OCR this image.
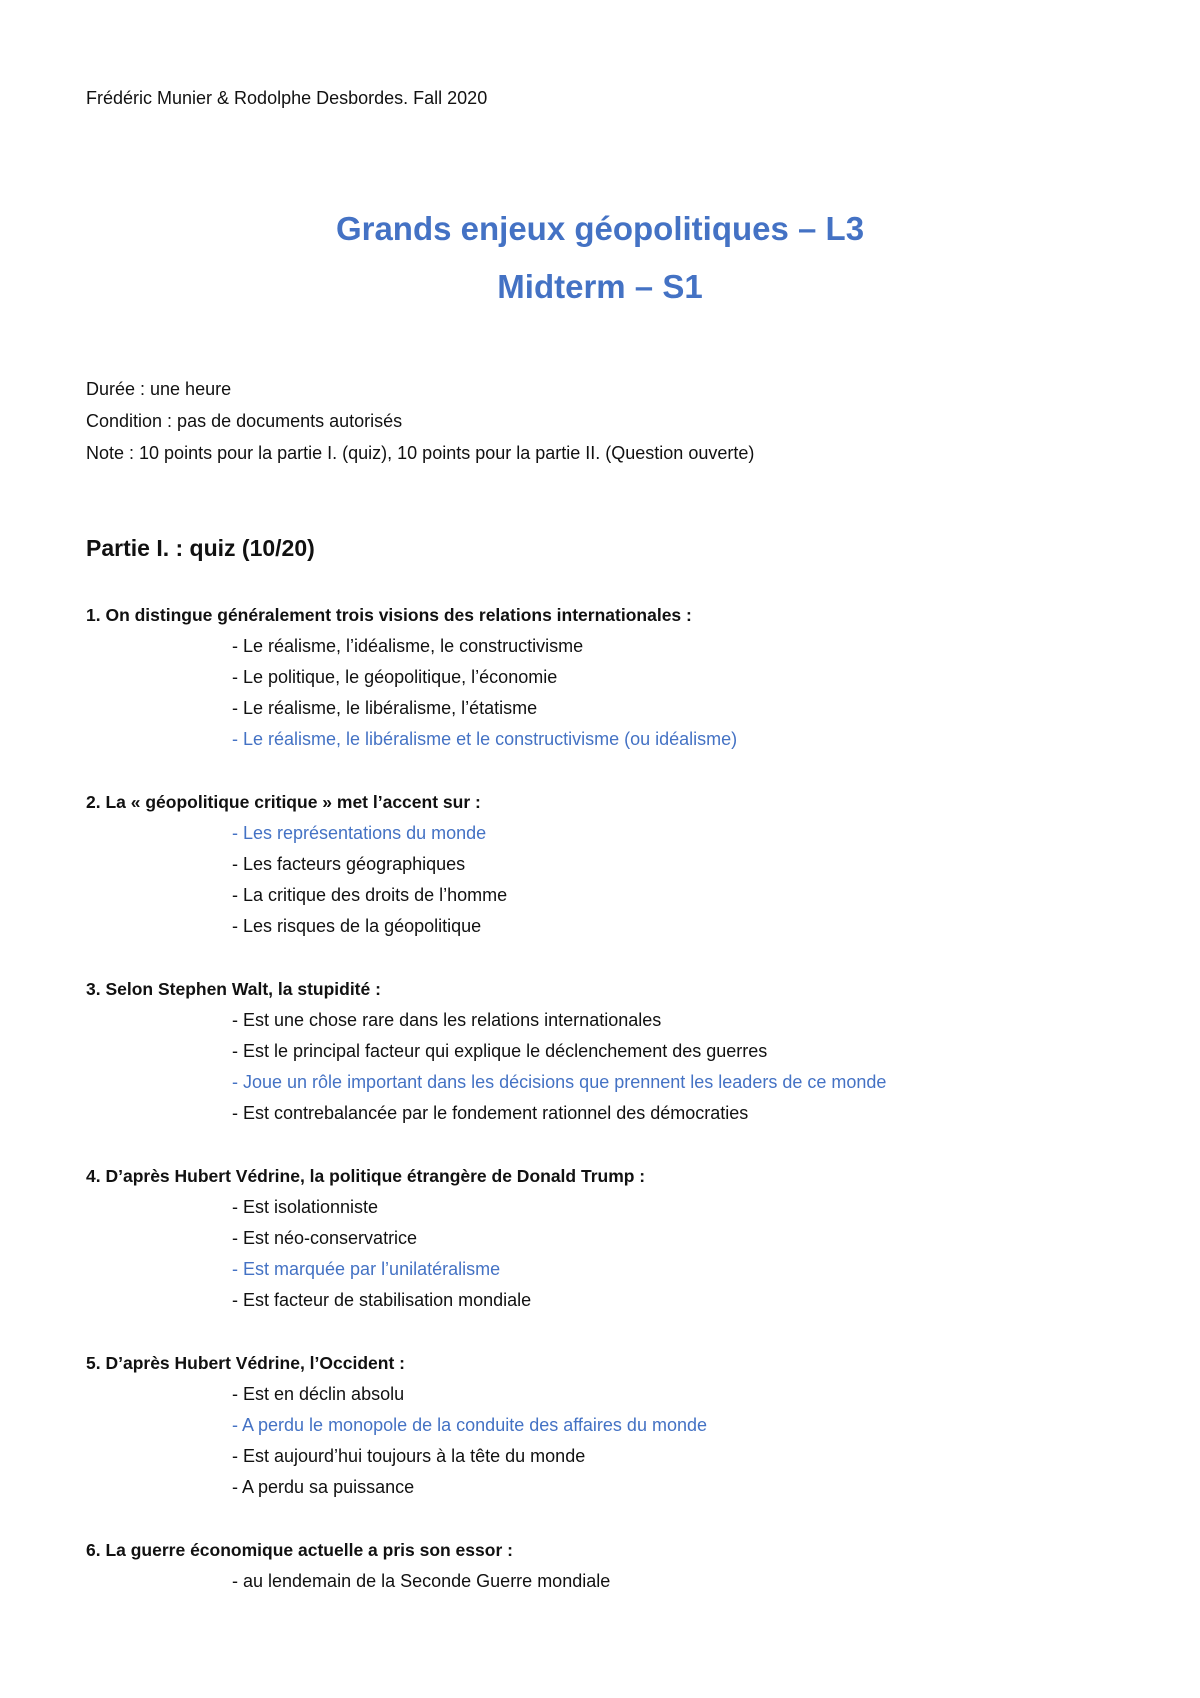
Frédéric Munier & Rodolphe Desbordes. Fall 2020
Grands enjeux géopolitiques – L3
Midterm – S1
Durée : une heure
Condition : pas de documents autorisés
Note : 10 points pour la partie I. (quiz), 10 points pour la partie II. (Question ouverte)
Partie I. : quiz (10/20)
1. On distingue généralement trois visions des relations internationales :
- Le réalisme, l’idéalisme, le constructivisme
- Le politique, le géopolitique, l’économie
- Le réalisme, le libéralisme, l’étatisme
- Le réalisme, le libéralisme et le constructivisme (ou idéalisme)
2. La « géopolitique critique » met l’accent sur :
- Les représentations du monde
- Les facteurs géographiques
- La critique des droits de l’homme
- Les risques de la géopolitique
3. Selon Stephen Walt, la stupidité :
- Est une chose rare dans les relations internationales
- Est le principal facteur qui explique le déclenchement des guerres
- Joue un rôle important dans les décisions que prennent les leaders de ce monde
- Est contrebalancée par le fondement rationnel des démocraties
4. D’après Hubert Védrine, la politique étrangère de Donald Trump :
- Est isolationniste
- Est néo-conservatrice
- Est marquée par l’unilatéralisme
- Est facteur de stabilisation mondiale
5. D’après Hubert Védrine, l’Occident :
- Est en déclin absolu
- A perdu le monopole de la conduite des affaires du monde
- Est aujourd’hui toujours à la tête du monde
- A perdu sa puissance
6. La guerre économique actuelle a pris son essor :
- au lendemain de la Seconde Guerre mondiale
